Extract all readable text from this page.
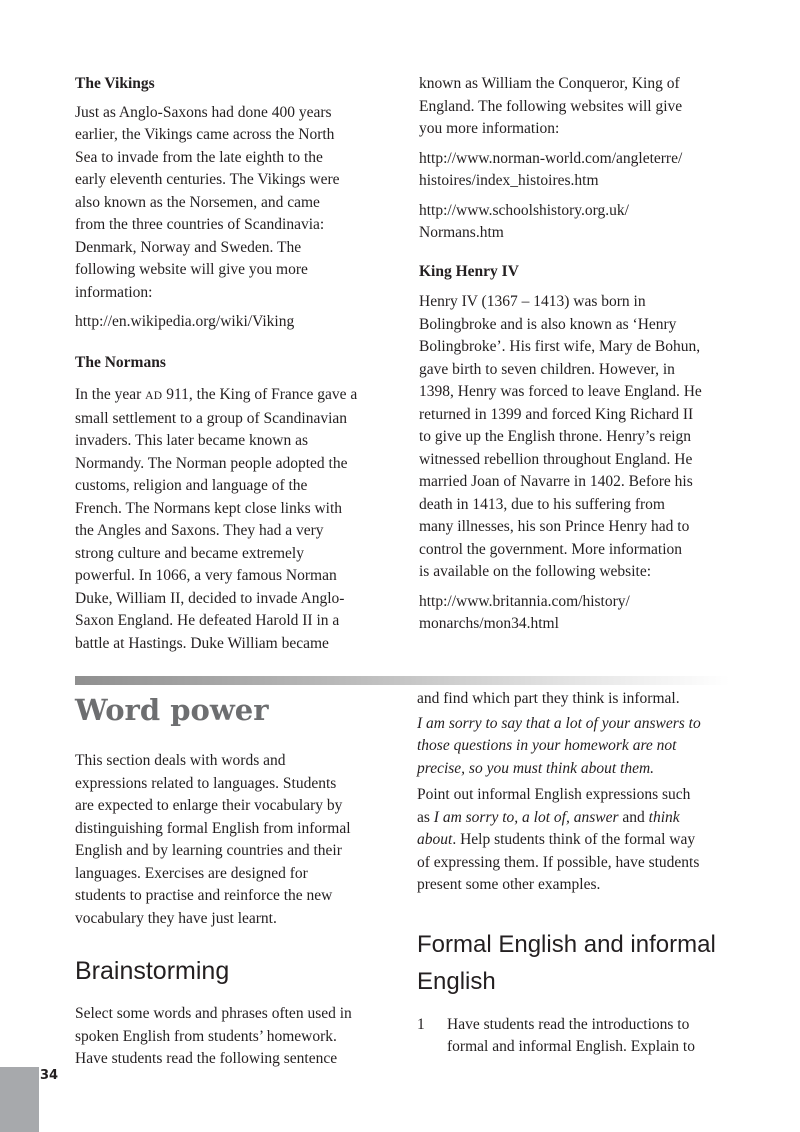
The Vikings

Just as Anglo-Saxons had done 400 years

earlier, the Vikings came across the North

Sea to invade from the late eighth to the

early eleventh centuries. The Vikings were

also known as the Norsemen, and came

from the three countries of Scandinavia:

Denmark, Norway and Sweden. The

following website will give you more

information:

http://en.wikipedia.org/wiki/Viking

The Normans

In the year AD 911, the King of France gave a

small settlement to a group of Scandinavian

invaders. This later became known as

Normandy. The Norman people adopted the

customs, religion and language of the

French. The Normans kept close links with

the Angles and Saxons. They had a very

strong culture and became extremely

powerful. In 1066, a very famous Norman

Duke, William II, decided to invade Anglo-

Saxon England. He defeated Harold II in a

battle at Hastings. Duke William became

known as William the Conqueror, King of

England. The following websites will give

you more information:

http://www.norman-world.com/angleterre/

histoires/index_histoires.htm

http://www.schoolshistory.org.uk/

Normans.htm

King Henry IV

Henry IV (1367 – 1413) was born in

Bolingbroke and is also known as ‘Henry

Bolingbroke’. His first wife, Mary de Bohun,

gave birth to seven children. However, in

1398, Henry was forced to leave England. He

returned in 1399 and forced King Richard II

to give up the English throne. Henry’s reign

witnessed rebellion throughout England. He

married Joan of Navarre in 1402. Before his

death in 1413, due to his suffering from

many illnesses, his son Prince Henry had to

control the government. More information

is available on the following website:

http://www.britannia.com/history/

monarchs/mon34.html

Word power

This section deals with words and

expressions related to languages. Students

are expected to enlarge their vocabulary by

distinguishing formal English from informal

English and by learning countries and their

languages. Exercises are designed for

students to practise and reinforce the new

vocabulary they have just learnt.

Brainstorming

Select some words and phrases often used in

spoken English from students’ homework.

Have students read the following sentence

and find which part they think is informal.

I am sorry to say that a lot of your answers to

those questions in your homework are not

precise, so you must think about them.

Point out informal English expressions such

as I am sorry to, a lot of, answer and think

about. Help students think of the formal way

of expressing them. If possible, have students

present some other examples.

Formal English and informal
English
1	Have students read the introductions to

formal and informal English. Explain to

34
